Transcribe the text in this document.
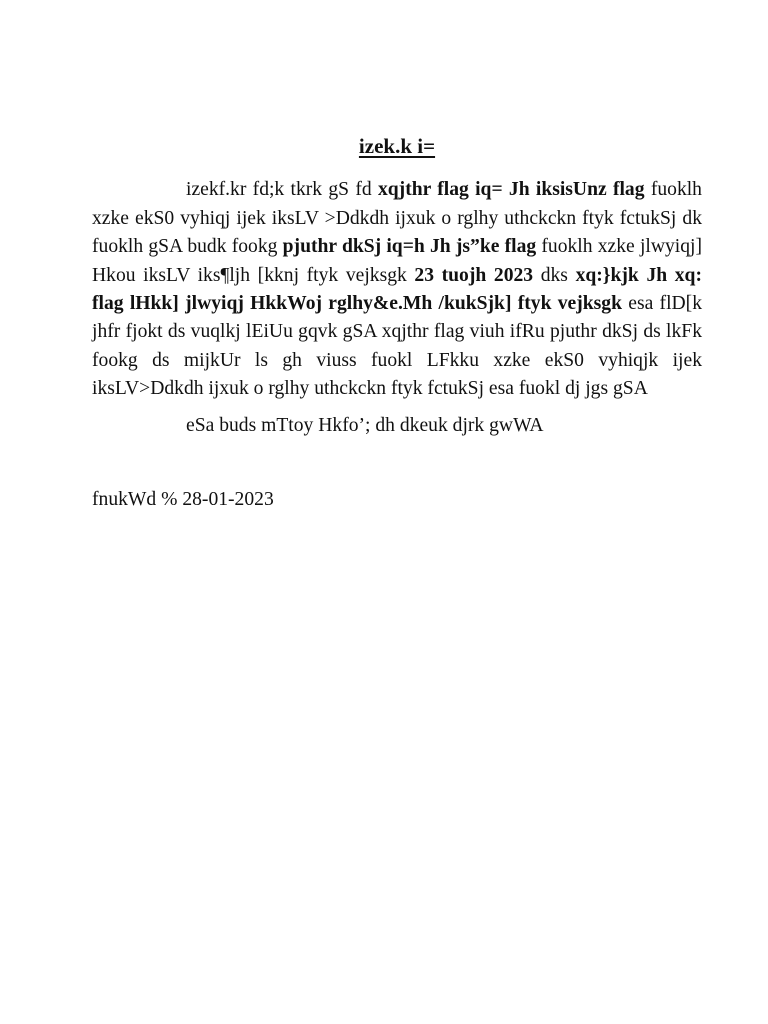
izek.k i=

izekf.kr fd;k tkrk gS fd xqjthr flag iq= Jh iksisUnz flag fuoklh xzke ekS0 vyhiqj ijek iksLV >Ddkdh ijxuk o rglhy uthckckn ftyk fctukSj dk fuoklh gSA budk fookg pjuthr dkSj iq=h Jh js”ke flag fuoklh xzke jlwyiqj] Hkou iksLV iks¶ljh [kknj ftyk vejksgk 23 tuojh 2023 dks xq:}kjk Jh xq: flag lHkk] jlwyiqj HkkWoj rglhy&e.Mh /kukSjk] ftyk vejksgk esa flD[k jhfr fjokt ds vuqlkj lEiUu gqvk gSA xqjthr flag viuh ifRu pjuthr dkSj ds lkFk fookg ds mijkUr ls gh viuss fuokl LFkku xzke ekS0 vyhiqjk ijek iksLV>Ddkdh ijxuk o rglhy uthckckn ftyk fctukSj esa fuokl dj jgs gSA

eSa buds mTtoy Hkfo’; dh dkeuk djrk gwWA

fnukWd % 28-01-2023
